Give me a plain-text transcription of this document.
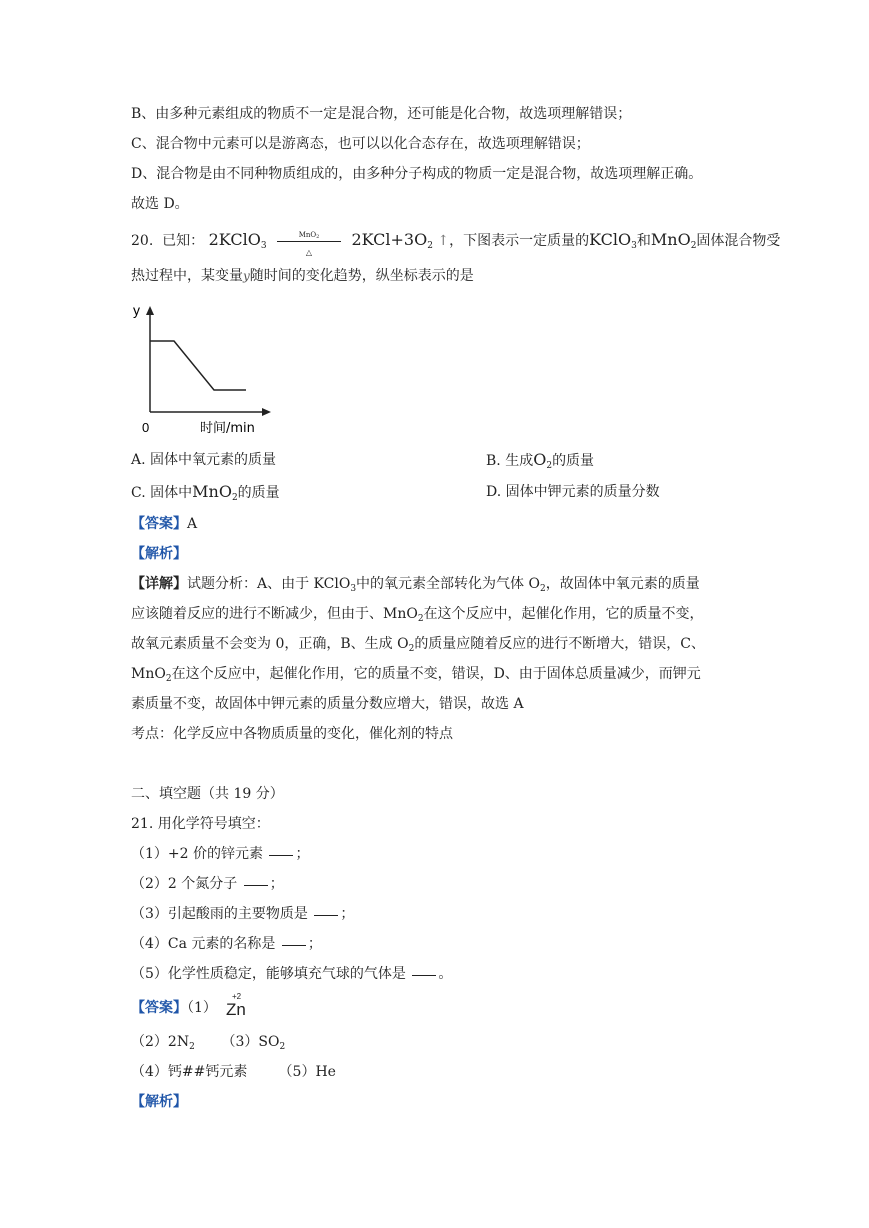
B、由多种元素组成的物质不一定是混合物，还可能是化合物，故选项理解错误；
C、混合物中元素可以是游离态，也可以以化合态存在，故选项理解错误；
D、混合物是由不同种物质组成的，由多种分子构成的物质一定是混合物，故选项理解正确。
故选 D。
20. 已知： 2KClO$_3$
MnO$_2$
△
$2KCl+3O_2$ ↑，下图表示一定质量的KClO$_3$和MnO$_2$固体混合物受
热过程中，某变量y随时间的变化趋势，纵坐标表示的是
y
0	时间/min
A. 固体中氧元素的质量	B. 生成$O_2$的质量
C. 固体中MnO$_2$的质量	D. 固体中钾元素的质量分数
【答案】A
【解析】
【详解】试题分析：A、由于 KClO$_3$中的氧元素全部转化为气体 $O_2$，故固体中氧元素的质量
应该随着反应的进行不断减少，但由于、MnO$_2$在这个反应中，起催化作用，它的质量不变，
故氧元素质量不会变为 0，正确，B、生成 $O_2$的质量应随着反应的进行不断增大，错误，C、
MnO$_2$在这个反应中，起催化作用，它的质量不变，错误，D、由于固体总质量减少，而钾元
素质量不变，故固体中钾元素的质量分数应增大，错误，故选 A
考点：化学反应中各物质质量的变化，催化剂的特点
二、填空题（共 19 分）
21. 用化学符号填空：
（1）+2 价的锌元素 ；
（2）2 个氮分子 ；
（3）引起酸雨的主要物质是 ；
（4）Ca 元素的名称是 ；
（5）化学性质稳定，能够填充气球的气体是 。
【答案】（1）
+2
Zn
$(2)2N_2$ $(3)SO_2$
（4）钙##钙元素 （5）He
【解析】
